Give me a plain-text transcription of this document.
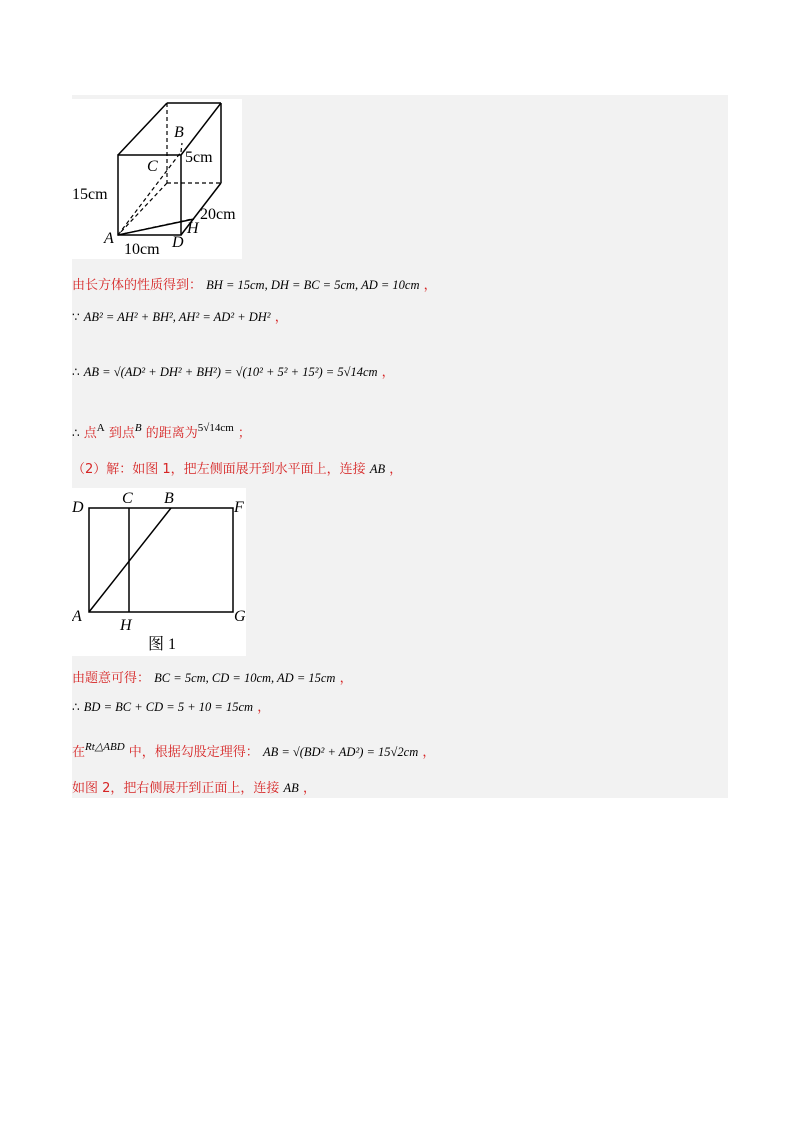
B
C
5cm
15cm
20cm
H
A	D
10cm
由长方体的性质得到： BH = 15cm, DH = BC = 5cm, AD = 10cm ，
∵ AB² = AH² + BH², AH² = AD² + DH² ，
∴ AB = √(AD² + DH² + BH²) = √(10² + 5² + 15²) = 5√14cm ，
∴ 点$^A$ 到点$^B$ 的距离为$^{5√14cm}$ ；
（2）解：如图 1，把左侧面展开到水平面上，连接 AB ，
D
C B
F
A
H
G
图 1
由题意可得： BC = 5cm, CD = 10cm, AD = 15cm ，
∴ BD = BC + CD = 5 + 10 = 15cm ，
在$^{Rt\triangle ABD}$ 中，根据勾股定理得： AB = √(BD² + AD²) = 15√2cm ，
如图 2，把右侧展开到正面上，连接 AB ，
